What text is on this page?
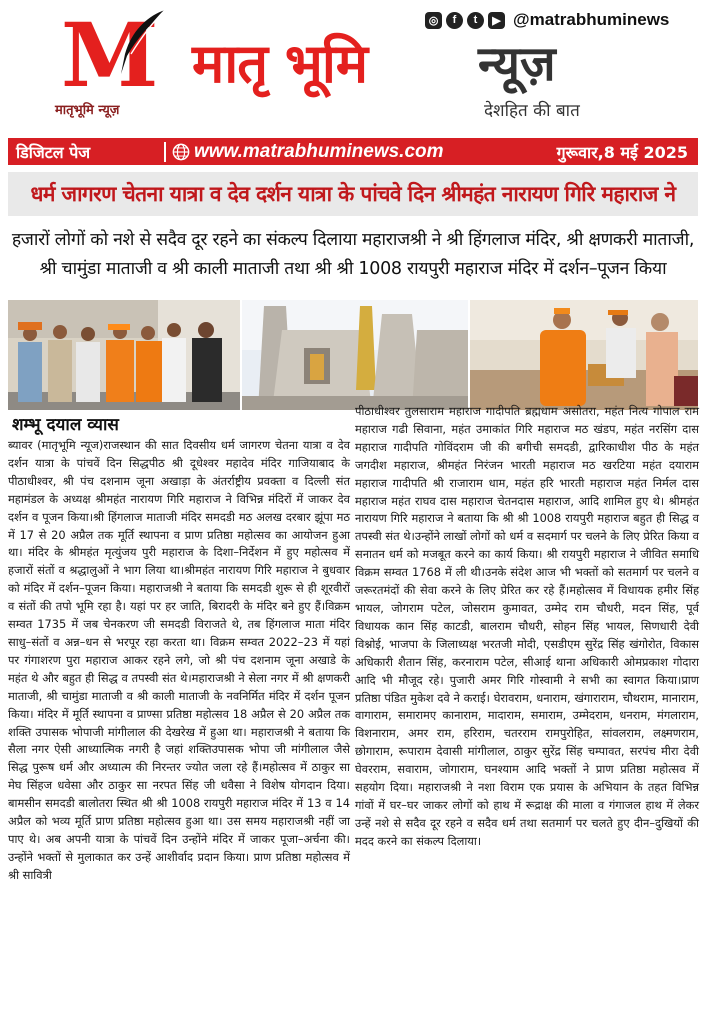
M
मातृभूमि न्यूज़
मातृ भूमि न्यूज़
देशहित की बात
◎	f	t	▶ @matrabhuminews
डिजिटल पेज	www.matrabhuminews.com	गुरूवार,8 मई 2025
धर्म जागरण चेतना यात्रा व देव दर्शन यात्रा के पांचवे दिन श्रीमहंत नारायण गिरि महाराज ने
हजारों लोगों को नशे से सदैव दूर रहने का संकल्प दिलाया महाराजश्री ने श्री हिंगलाज मंदिर, श्री क्षणकरी माताजी,
श्री चामुंडा माताजी व श्री काली माताजी तथा श्री श्री 1008 रायपुरी महाराज मंदिर में दर्शन–पूजन किया
शम्भू दयाल व्यास

ब्यावर (मातृभूमि न्यूज)राजस्थान की सात दिवसीय धर्म जागरण चेतना यात्रा व देव दर्शन यात्रा के पांचवें दिन सिद्धपीठ श्री दूधेश्वर महादेव मंदिर गाजियाबाद के पीठाधीश्वर, श्री पंच दशनाम जूना अखाड़ा के अंतर्राष्ट्रीय प्रवक्ता व दिल्ली संत महामंडल के अध्यक्ष श्रीमहंत नारायण गिरि महाराज ने विभिन्न मंदिरों में जाकर देव दर्शन व पूजन किया।श्री हिंगलाज माताजी मंदिर समदडी मठ अलख दरबार झूंपा मठ में 17 से 20 अप्रैल तक मूर्ति स्थापना व प्राण प्रतिष्ठा महोत्सव का आयोजन हुआ था। मंदिर के श्रीमहंत मृत्युंजय पुरी महाराज के दिशा–निर्देशन में हुए महोत्सव में हजारों संतों व श्रद्धालुओं ने भाग लिया था।श्रीमहंत नारायण गिरि महाराज ने बुधवार को मंदिर में दर्शन–पूजन किया। महाराजश्री ने बताया कि समदडी शुरू से ही शूरवीरों व संतों की तपो भूमि रहा है। यहां पर हर जाति, बिरादरी के मंदिर बने हुए हैं।विक्रम सम्वत 1735 में जब चेनकरण जी समदडी विराजते थे, तब हिंगलाज माता मंदिर साधु–संतों व अन्न–धन से भरपूर रहा करता था। विक्रम सम्वत 2022–23 में यहां पर गंगाशरण पुरा महाराज आकर रहने लगे, जो श्री पंच दशनाम जूना अखाडे के महंत थे और बहुत ही सिद्ध व तपस्वी संत थे।महाराजश्री ने सेला नगर में श्री क्षणकरी माताजी, श्री चामुंडा माताजी व श्री काली माताजी के नवनिर्मित मंदिर में दर्शन पूजन किया। मंदिर में मूर्ति स्थापना व प्राण्सा प्रतिष्ठा महोत्सव 18 अप्रैल से 20 अप्रैल तक शक्ति उपासक भोपाजी मांगीलाल की देखरेख में हुआ था। महाराजश्री ने बताया कि सैला नगर ऐसी आध्यात्मिक नगरी है जहां शक्तिउपासक भोपा जी मांगीलाल जैसे सिद्ध पुरूष धर्म और अध्यात्म की निरन्तर ज्योत जला रहे हैं।महोत्सव में ठाकुर सा मेघ सिंहज धवेसा और ठाकुर सा नरपत सिंह जी धवैसा ने विशेष योगदान दिया।बामसीन समदडी बालोतरा स्थित श्री श्री 1008 रायपुरी महाराज मंदिर में 13 व 14 अप्रैल को भव्य मूर्ति प्राण प्रतिष्ठा महोत्सव हुआ था। उस समय महाराजश्री नहीं जा पाए थे। अब अपनी यात्रा के पांचवें दिन उन्होंने मंदिर में जाकर पूजा–अर्चना की। उन्होंने भक्तों से मुलाकात कर उन्हें आशीर्वाद प्रदान किया। प्राण प्रतिष्ठा महोत्सव में श्री सावित्री

पीठाधीश्वर तुलसाराम महाराज गादीपति ब्रह्मधाम असोतरा, महंत नित्य गोपाल राम महाराज गढी सिवाना, महंत उमाकांत गिरि महाराज मठ खंडप, महंत नरसिंग दास महाराज गादीपति गोविंदराम जी की बगीची समदडी, द्वारिकाधीश पीठ के महंत जगदीश महाराज, श्रीमहंत निरंजन भारती महाराज मठ खरटिया महंत दयाराम महाराज गादीपति श्री राजाराम धाम, महंत हरि भारती महाराज महंत निर्मल दास महाराज महंत राघव दास महाराज चेतनदास महाराज, आदि शामिल हुए थे। श्रीमहंत नारायण गिरि महाराज ने बताया कि श्री श्री 1008 रायपुरी महाराज बहुत ही सिद्ध व तपस्वी संत थे।उन्होंने लाखों लोगों को धर्म व सदमार्ग पर चलने के लिए प्रेरित किया व सनातन धर्म को मजबूत करने का कार्य किया। श्री रायपुरी महाराज ने जीवित समाधि विक्रम सम्वत 1768 में ली थी।उनके संदेश आज भी भक्तों को सतमार्ग पर चलने व जरूरतमंदों की सेवा करने के लिए प्रेरित कर रहे हैं।महोत्सव में विधायक हमीर सिंह भायल, जोगराम पटेल, जोसराम कुमावत, उम्मेद राम चौधरी, मदन सिंह, पूर्व विधायक कान सिंह काटडी, बालराम चौधरी, सोहन सिंह भायल, सिणधारी देवी विश्नोई, भाजपा के जिलाध्यक्ष भरतजी मोदी, एसडीएम सुरेंद्र सिंह खंगोरोत, विकास अधिकारी शैतान सिंह, करनाराम पटेल, सीआई थाना अधिकारी ओमप्रकाश गोदारा आदि भी मौजूद रहे। पुजारी अमर गिरि गोस्वामी ने सभी का स्वागत किया।प्राण प्रतिष्ठा पंडित मुकेश दवे ने कराई। घेरावराम, धनाराम, खंगाराराम, चौथराम, मानाराम, वागाराम, समारामए कानाराम, मादाराम, समाराम, उम्मेदराम, धनराम, मंगलाराम, विशनाराम, अमर राम, हरिराम, चतरराम रामपुरोहित, सांवलराम, लक्ष्मणराम, छोगाराम, रूपाराम देवासी मांगीलाल, ठाकुर सुरेंद्र सिंह चम्पावत, सरपंच मीरा देवी घेवरराम, सवाराम, जोगाराम, घनश्याम आदि भक्तों ने प्राण प्रतिष्ठा महोत्सव में सहयोग दिया। महाराजश्री ने नशा विराम एक प्रयास के अभियान के तहत विभिन्न गांवों में घर–घर जाकर लोगों को हाथ में रूद्राक्ष की माला व गंगाजल हाथ में लेकर उन्हें नशे से सदैव दूर रहने व सदैव धर्म तथा सतमार्ग पर चलते हुए दीन–दुखियों की मदद करने का संकल्प दिलाया।
